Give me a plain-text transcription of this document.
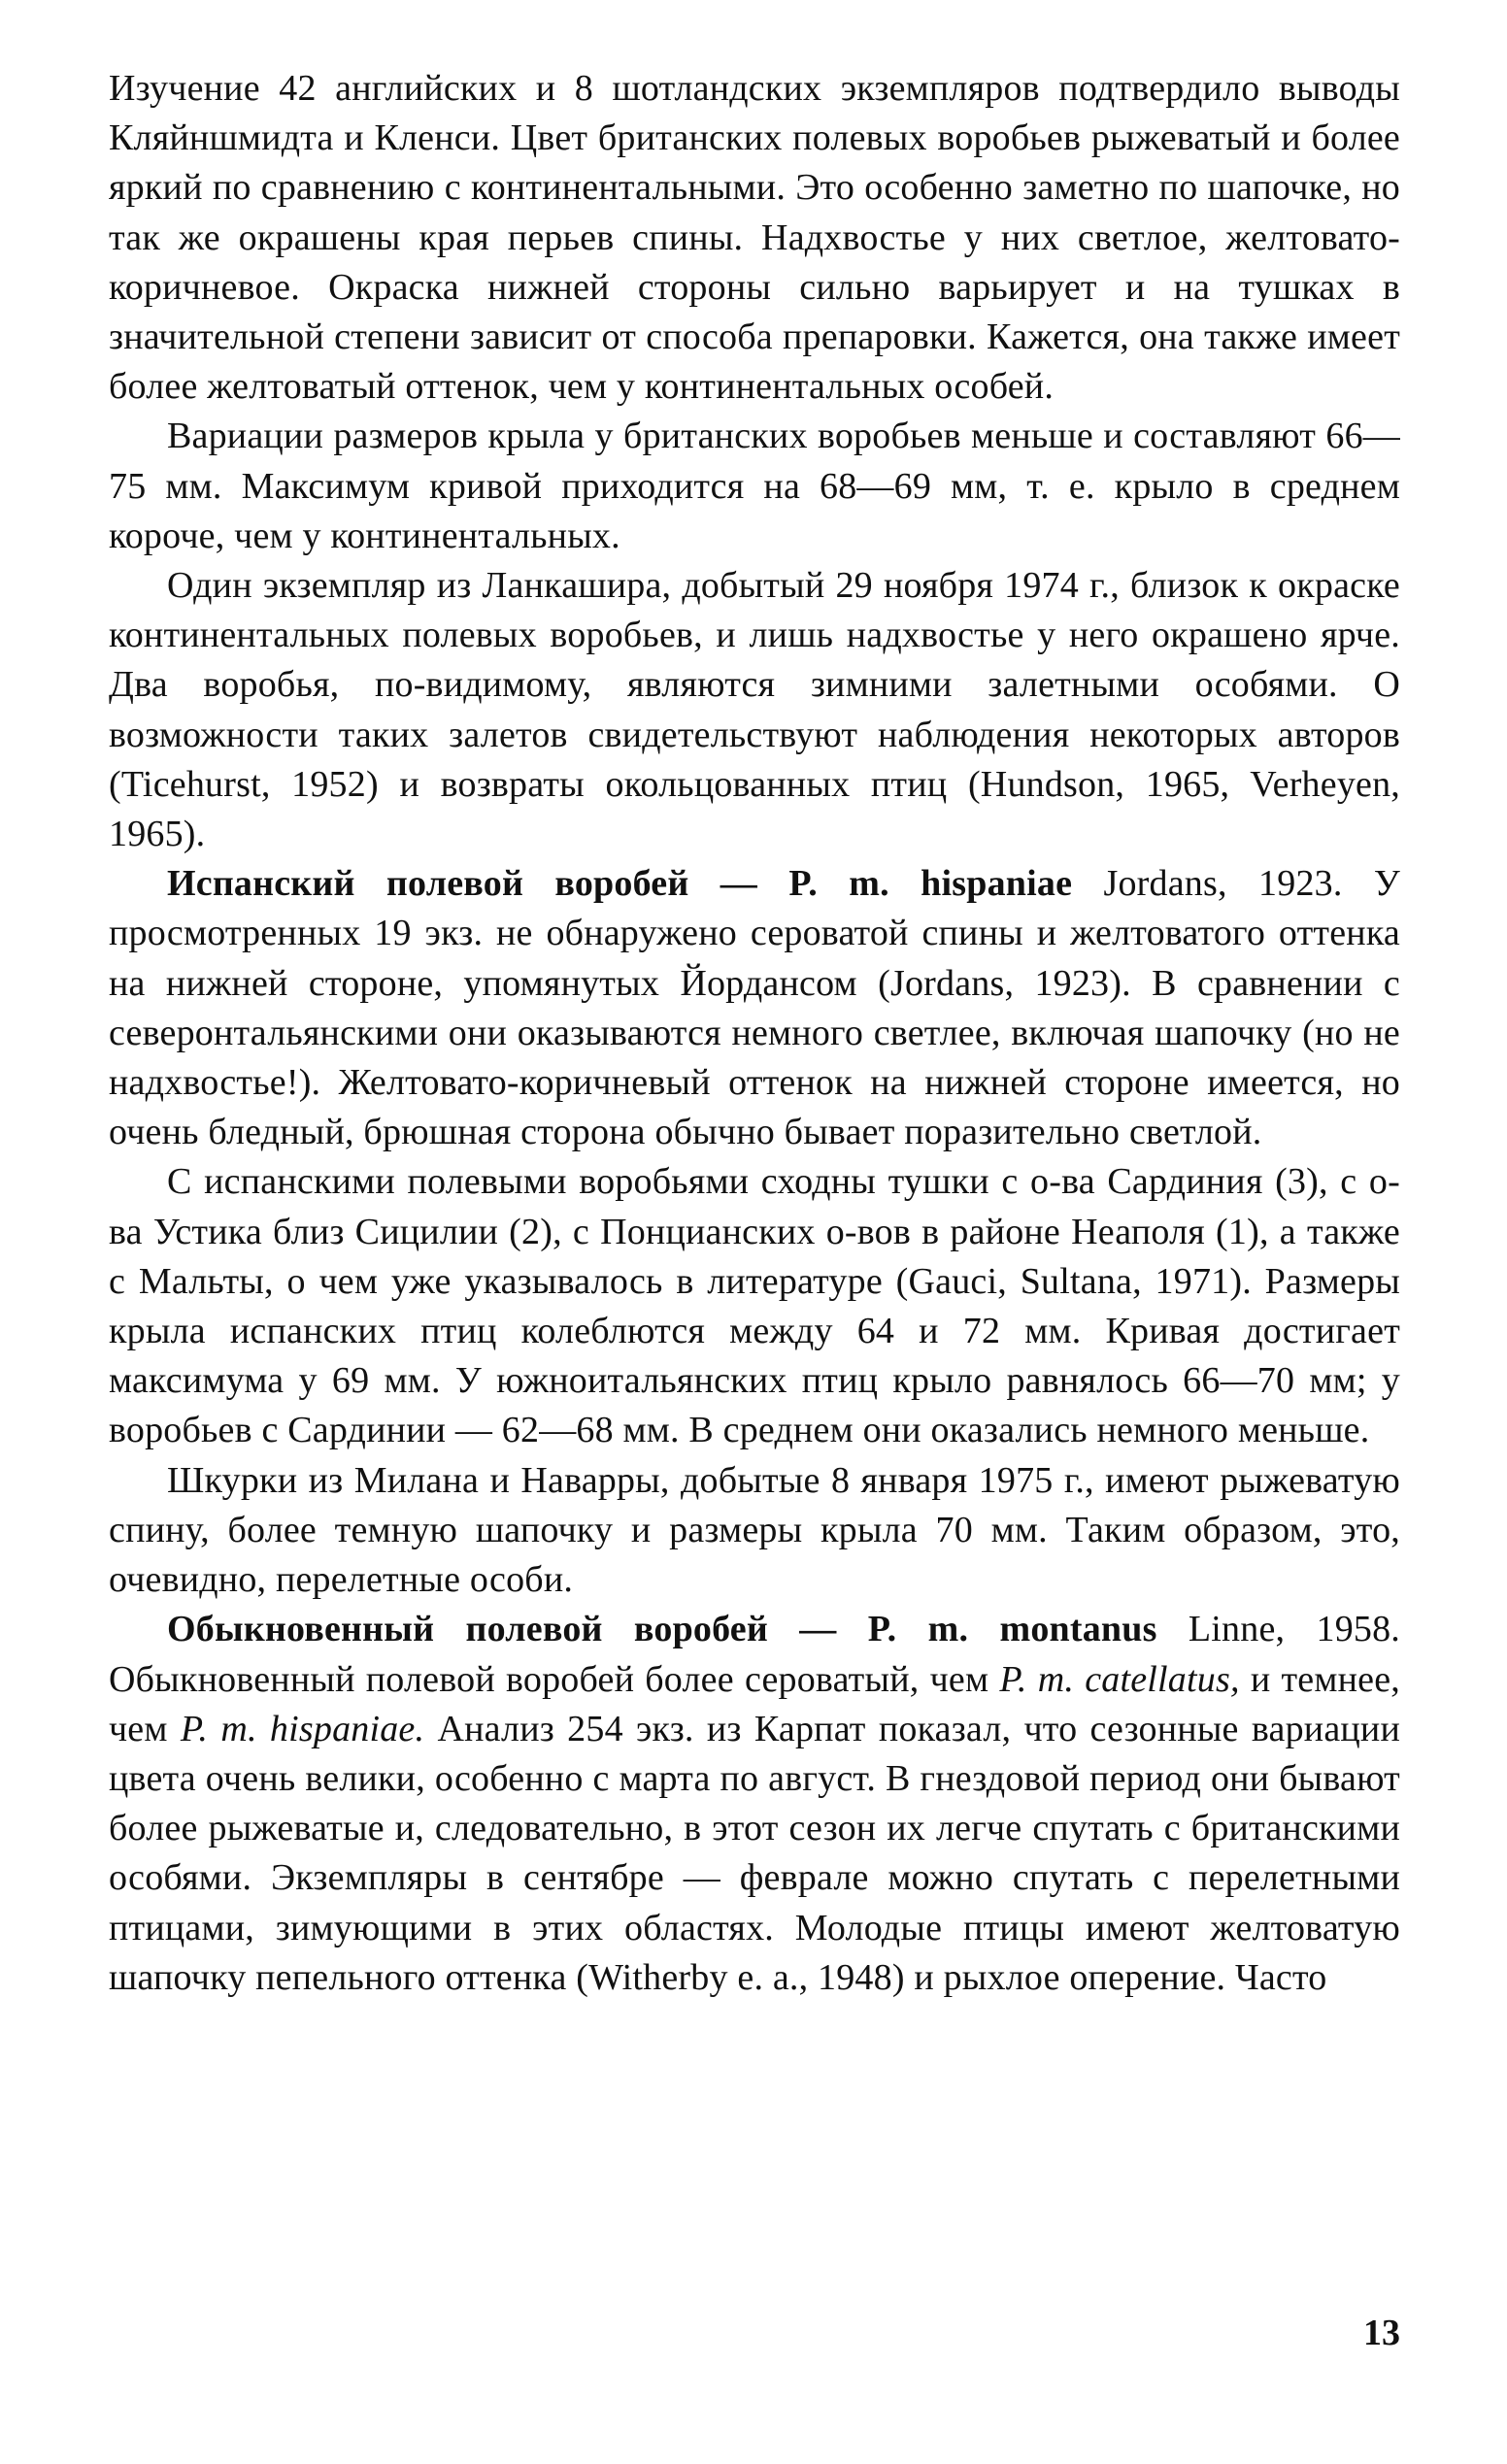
Изучение 42 английских и 8 шотландских экземпляров подтвердило выводы Кляйншмидта и Кленси. Цвет британских полевых воробьев рыжеватый и более яркий по сравнению с континентальными. Это особенно заметно по шапочке, но так же окрашены края перьев спины. Надхвостье у них светлое, желтовато-коричневое. Окраска нижней стороны сильно варьирует и на тушках в значительной степени зависит от способа препаровки. Кажется, она также имеет более желтоватый оттенок, чем у континентальных особей.

Вариации размеров крыла у британских воробьев меньше и составляют 66—75 мм. Максимум кривой приходится на 68—69 мм, т. е. крыло в среднем короче, чем у континентальных.

Один экземпляр из Ланкашира, добытый 29 ноября 1974 г., близок к окраске континентальных полевых воробьев, и лишь надхвостье у него окрашено ярче. Два воробья, по-видимому, являются зимними залетными особями. О возможности таких залетов свидетельствуют наблюдения некоторых авторов (Ticehurst, 1952) и возвраты окольцованных птиц (Hundson, 1965, Verheyen, 1965).

Испанский полевой воробей — P. m. hispaniae Jordans, 1923. У просмотренных 19 экз. не обнаружено сероватой спины и желтоватого оттенка на нижней стороне, упомянутых Йордансом (Jordans, 1923). В сравнении с северонтальянскими они оказываются немного светлее, включая шапочку (но не надхвостье!). Желтовато-коричневый оттенок на нижней стороне имеется, но очень бледный, брюшная сторона обычно бывает поразительно светлой.

С испанскими полевыми воробьями сходны тушки с о-ва Сардиния (3), с о-ва Устика близ Сицилии (2), с Понцианских о-вов в районе Неаполя (1), а также с Мальты, о чем уже указывалось в литературе (Gauci, Sultana, 1971). Размеры крыла испанских птиц колеблются между 64 и 72 мм. Кривая достигает максимума у 69 мм. У южноитальянских птиц крыло равнялось 66—70 мм; у воробьев с Сардинии — 62—68 мм. В среднем они оказались немного меньше.

Шкурки из Милана и Наварры, добытые 8 января 1975 г., имеют рыжеватую спину, более темную шапочку и размеры крыла 70 мм. Таким образом, это, очевидно, перелетные особи.

Обыкновенный полевой воробей — P. m. montanus Linne, 1958. Обыкновенный полевой воробей более сероватый, чем P. m. catellatus, и темнее, чем P. m. hispaniae. Анализ 254 экз. из Карпат показал, что сезонные вариации цвета очень велики, особенно с марта по август. В гнездовой период они бывают более рыжеватые и, следовательно, в этот сезон их легче спутать с британскими особями. Экземпляры в сентябре — феврале можно спутать с перелетными птицами, зимующими в этих областях. Молодые птицы имеют желтоватую шапочку пепельного оттенка (Witherby e. a., 1948) и рыхлое оперение. Часто

13
